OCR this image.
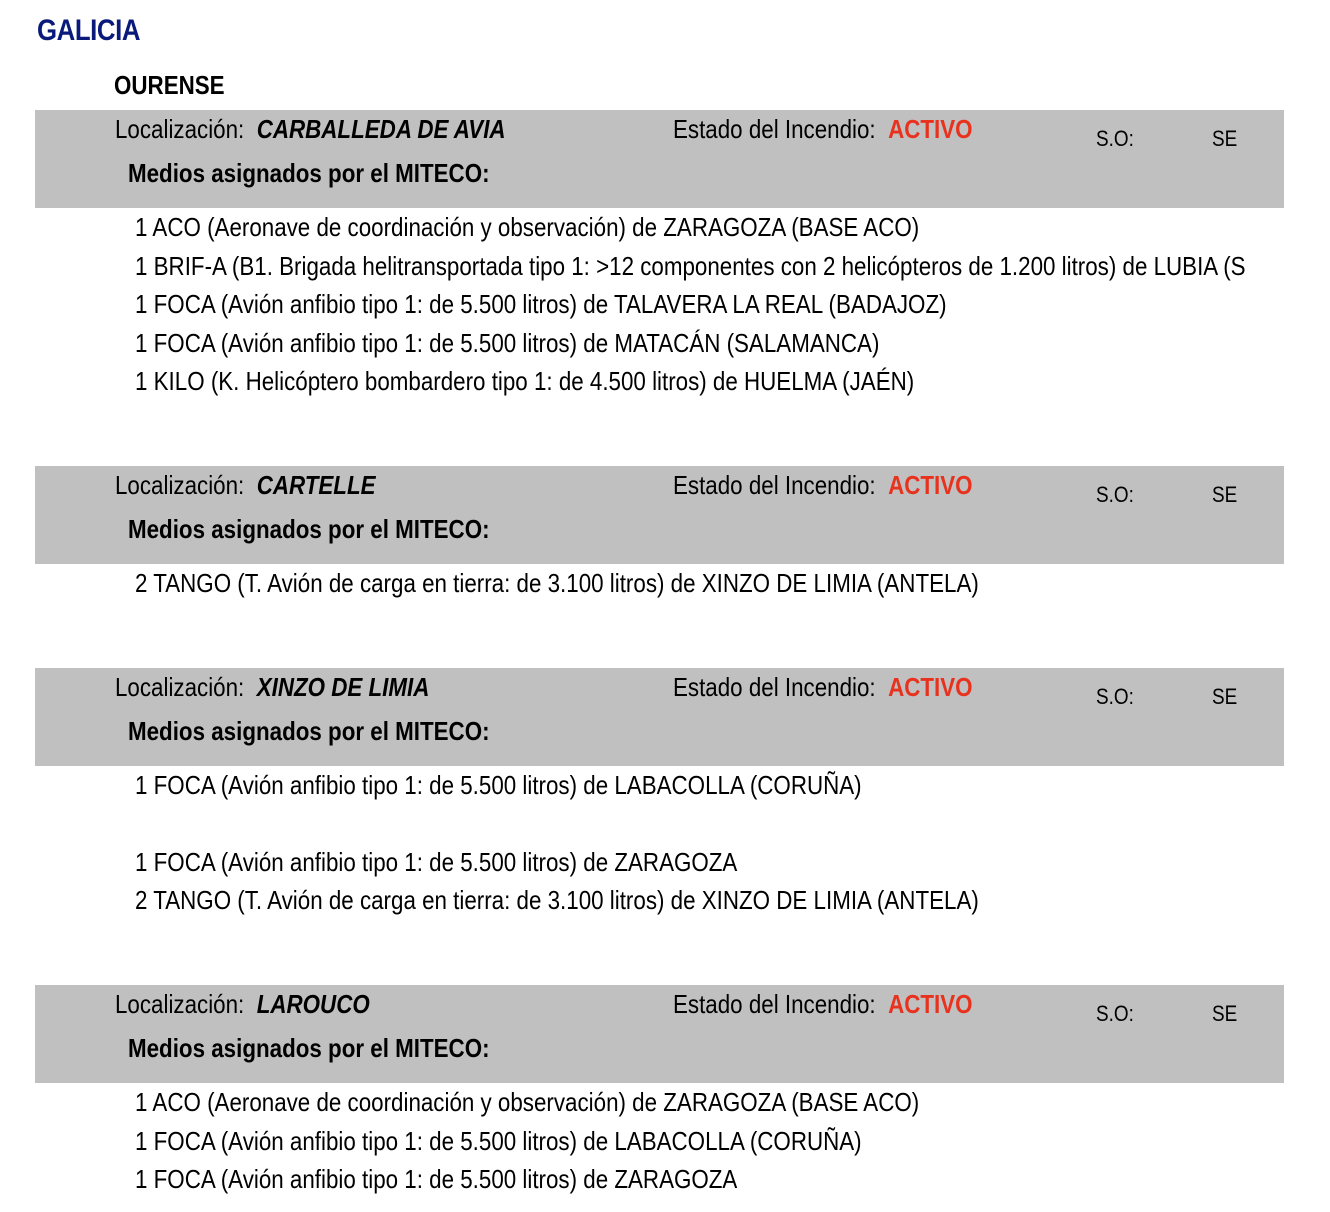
GALICIA
OURENSE
Localización: CARBALLEDA DE AVIA	Estado del Incendio: ACTIVO	S.O:	SE
Medios asignados por el MITECO:
1 ACO (Aeronave de coordinación y observación) de ZARAGOZA (BASE ACO)
1 BRIF-A (B1. Brigada helitransportada tipo 1: >12 componentes con 2 helicópteros de 1.200 litros) de LUBIA (S
1 FOCA (Avión anfibio tipo 1: de 5.500 litros) de TALAVERA LA REAL (BADAJOZ)
1 FOCA (Avión anfibio tipo 1: de 5.500 litros) de MATACÁN (SALAMANCA)
1 KILO (K. Helicóptero bombardero tipo 1: de 4.500 litros) de HUELMA (JAÉN)
Localización: CARTELLE	Estado del Incendio: ACTIVO	S.O:	SE
Medios asignados por el MITECO:
2 TANGO (T. Avión de carga en tierra: de 3.100 litros) de XINZO DE LIMIA (ANTELA)
Localización: XINZO DE LIMIA	Estado del Incendio: ACTIVO	S.O:	SE
Medios asignados por el MITECO:
1 FOCA (Avión anfibio tipo 1: de 5.500 litros) de LABACOLLA (CORUÑA)
1 FOCA (Avión anfibio tipo 1: de 5.500 litros) de ZARAGOZA
2 TANGO (T. Avión de carga en tierra: de 3.100 litros) de XINZO DE LIMIA (ANTELA)
Localización: LAROUCO	Estado del Incendio: ACTIVO	S.O:	SE
Medios asignados por el MITECO:
1 ACO (Aeronave de coordinación y observación) de ZARAGOZA (BASE ACO)
1 FOCA (Avión anfibio tipo 1: de 5.500 litros) de LABACOLLA (CORUÑA)
1 FOCA (Avión anfibio tipo 1: de 5.500 litros) de ZARAGOZA
